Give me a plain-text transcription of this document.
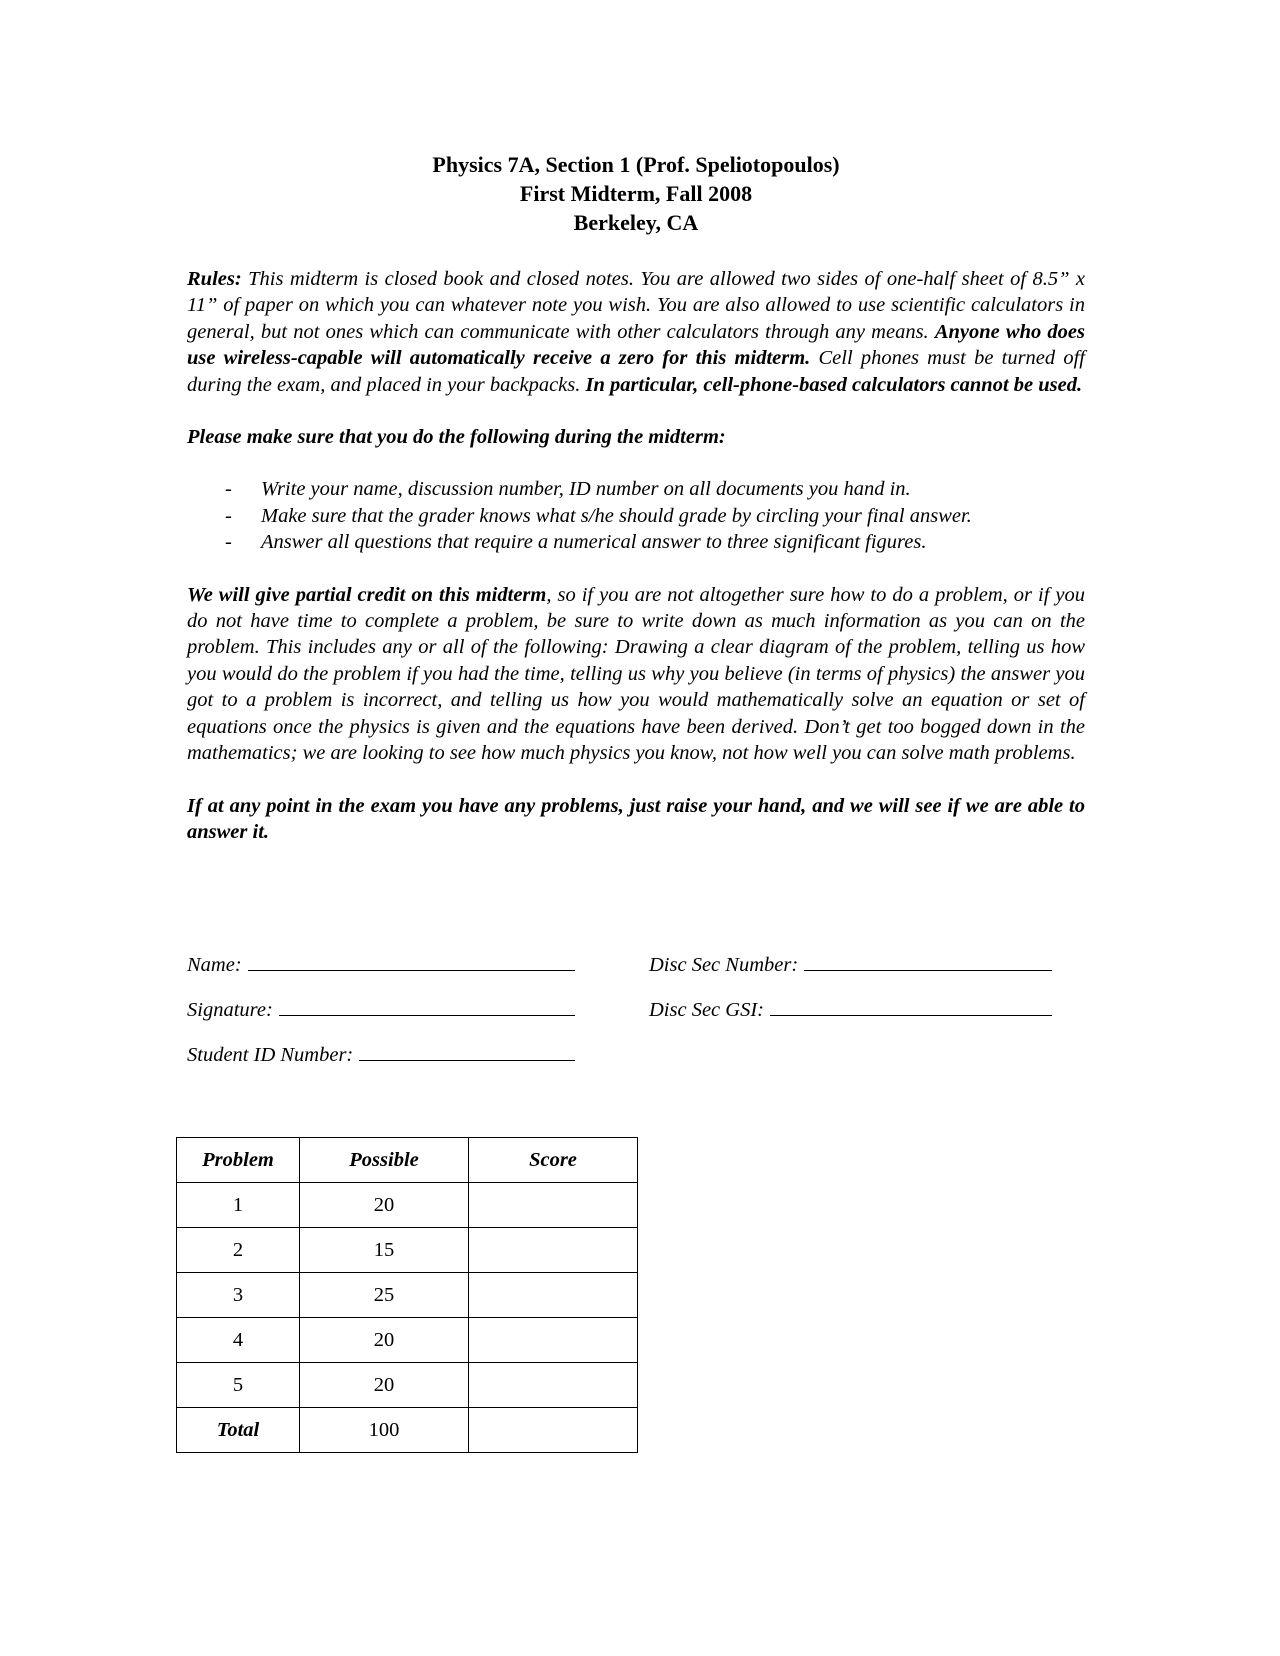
Physics 7A, Section 1 (Prof. Speliotopoulos)
First Midterm, Fall 2008
Berkeley, CA

Rules: This midterm is closed book and closed notes. You are allowed two sides of one-half sheet of 8.5” x 11” of paper on which you can whatever note you wish. You are also allowed to use scientific calculators in general, but not ones which can communicate with other calculators through any means. Anyone who does use wireless-capable will automatically receive a zero for this midterm. Cell phones must be turned off during the exam, and placed in your backpacks. In particular, cell-phone-based calculators cannot be used.

Please make sure that you do the following during the midterm:

- Write your name, discussion number, ID number on all documents you hand in.
- Make sure that the grader knows what s/he should grade by circling your final answer.
- Answer all questions that require a numerical answer to three significant figures.

We will give partial credit on this midterm, so if you are not altogether sure how to do a problem, or if you do not have time to complete a problem, be sure to write down as much information as you can on the problem. This includes any or all of the following: Drawing a clear diagram of the problem, telling us how you would do the problem if you had the time, telling us why you believe (in terms of physics) the answer you got to a problem is incorrect, and telling us how you would mathematically solve an equation or set of equations once the physics is given and the equations have been derived. Don’t get too bogged down in the mathematics; we are looking to see how much physics you know, not how well you can solve math problems.

If at any point in the exam you have any problems, just raise your hand, and we will see if we are able to answer it.

Name:	Disc Sec Number:
Signature:	Disc Sec GSI:
Student ID Number:
Problem	Possible	Score
1	20	
2	15	
3	25	
4	20	
5	20	
Total	100	
